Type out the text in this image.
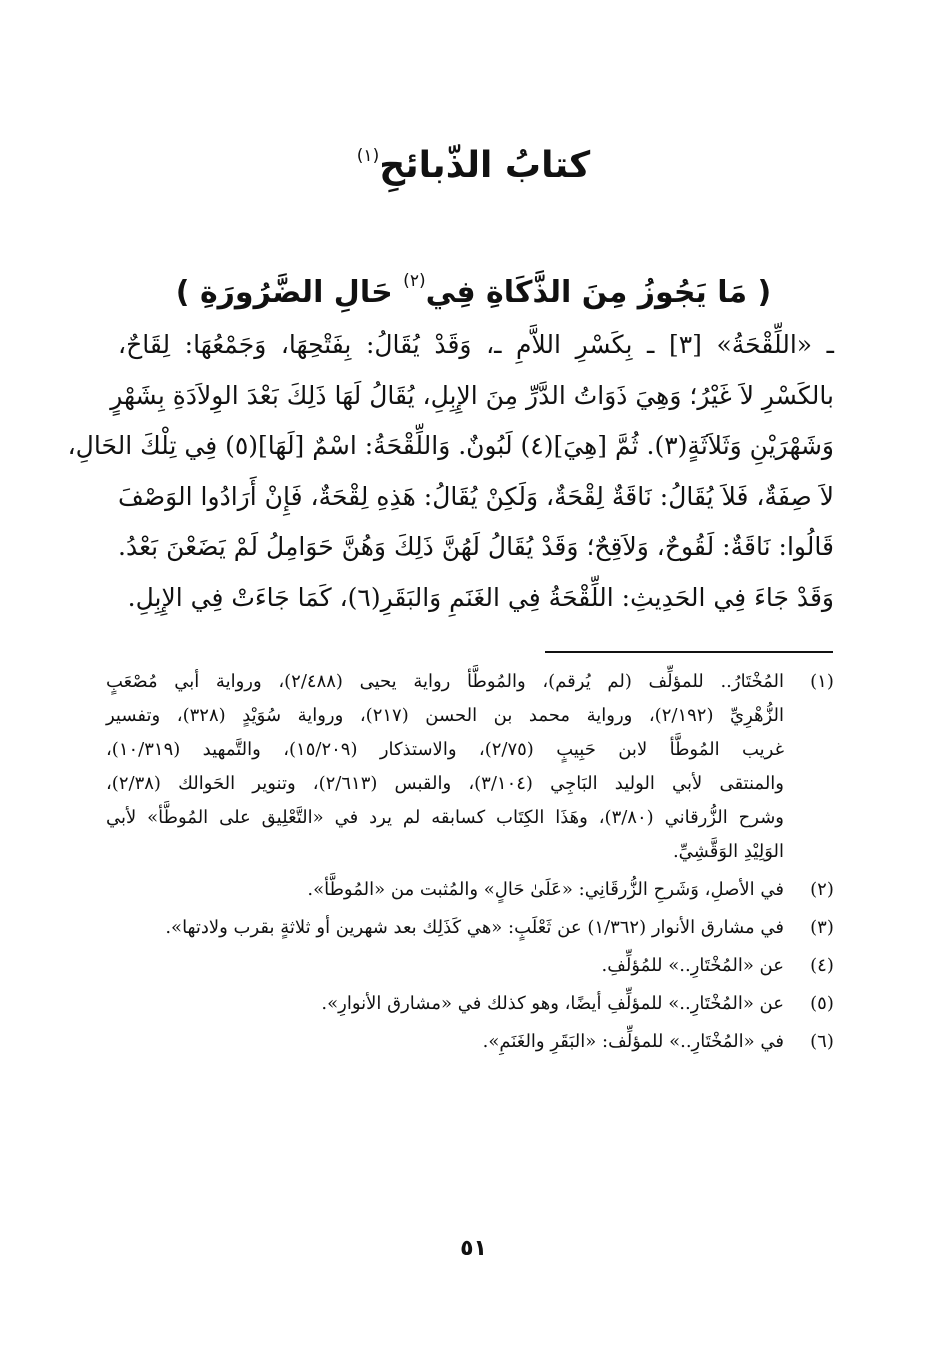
كتابُ الذّبائحِ$^{(١)}$
( مَا يَجُوزُ مِنَ الذَّكَاةِ فِي$^{(٢)}$ حَالِ الضَّرُورَةِ )
ـ «اللِّقْحَةُ» [٣] ـ بِكَسْرِ اللاَّمِ ـ، وَقَدْ يُقَالُ: بِفَتْحِهَا، وَجَمْعُهَا: لِقَاحٌ،
بالكَسْرِ لاَ غَيْرُ؛ وَهِيَ ذَوَاتُ الدَّرِّ مِنَ الإِبِلِ، يُقَالُ لَهَا ذَلِكَ بَعْدَ الوِلاَدَةِ بِشَهْرٍ
وَشَهْرَيْنِ وَثَلاَثَةٍ(٣). ثُمَّ [هِيَ](٤) لَبُونٌ. وَاللِّقْحَةُ: اسْمٌ [لَهَا](٥) فِي تِلْكَ الحَالِ،
لاَ صِفَةٌ، فَلاَ يُقَالُ: نَاقَةٌ لِقْحَةٌ، وَلَكِنْ يُقَالُ: هَذِهِ لِقْحَةٌ، فَإِنْ أَرَادُوا الوَصْفَ
قَالُوا: نَاقَةٌ: لَقُوحٌ، وَلاَقِحٌ؛ وَقَدْ يُقَالُ لَهُنَّ ذَلِكَ وَهُنَّ حَوَامِلُ لَمْ يَضَعْنَ بَعْدُ.
وَقَدْ جَاءَ فِي الحَدِيثِ: اللِّقْحَةُ فِي الغَنَمِ وَالبَقَرِ(٦)، كَمَا جَاءَتْ فِي الإِبِلِ.
(١)
المُخْتَارُ.. للمؤلِّف (لم يُرقم)، والمُوطَّأ رواية يحيى (٢/٤٨٨)، ورواية أبي مُصْعَبٍ
الزُّهْرِيِّ (٢/١٩٢)، ورواية محمد بن الحسن (٢١٧)، ورواية سُوَيْدٍ (٣٢٨)، وتفسير
غريب المُوطَّأ لابن حَبِيبٍ (٢/٧٥)، والاستذكار (١٥/٢٠٩)، والتَّمهيد (١٠/٣١٩)،
والمنتقى لأبي الوليد البَاجِي (٣/١٠٤)، والقبس (٢/٦١٣)، وتنوير الحَوالك (٢/٣٨)،
وشرح الزُّرقاني (٣/٨٠)، وهَذَا الكِتَاب كسابقه لم يرد في «التَّعْلِيق على المُوطَّأ» لأبي
الوَلِيْدِ الوَقَّشِيِّ.
(٢)
في الأصلِ، وَشَرحِ الزُّرقَانِي: «عَلَىٰ حَالٍ» والمُثبت من «المُوطَّأ».
(٣)
في مشارق الأنوار (١/٣٦٢) عن ثَعْلَبٍ: «هي كَذَلِك بعد شهرين أو ثلاثةٍ بقرب ولادتها».
(٤)
عن «المُخْتَارِ..» للمُؤلِّفِ.
(٥)
عن «المُخْتَارِ..» للمؤلِّفِ أيضًا، وهو كذلك في «مشارق الأنوارِ».
(٦)
في «المُخْتَارِ..» للمؤلِّف: «البَقَرِ والغَنَمِ».
٥١
